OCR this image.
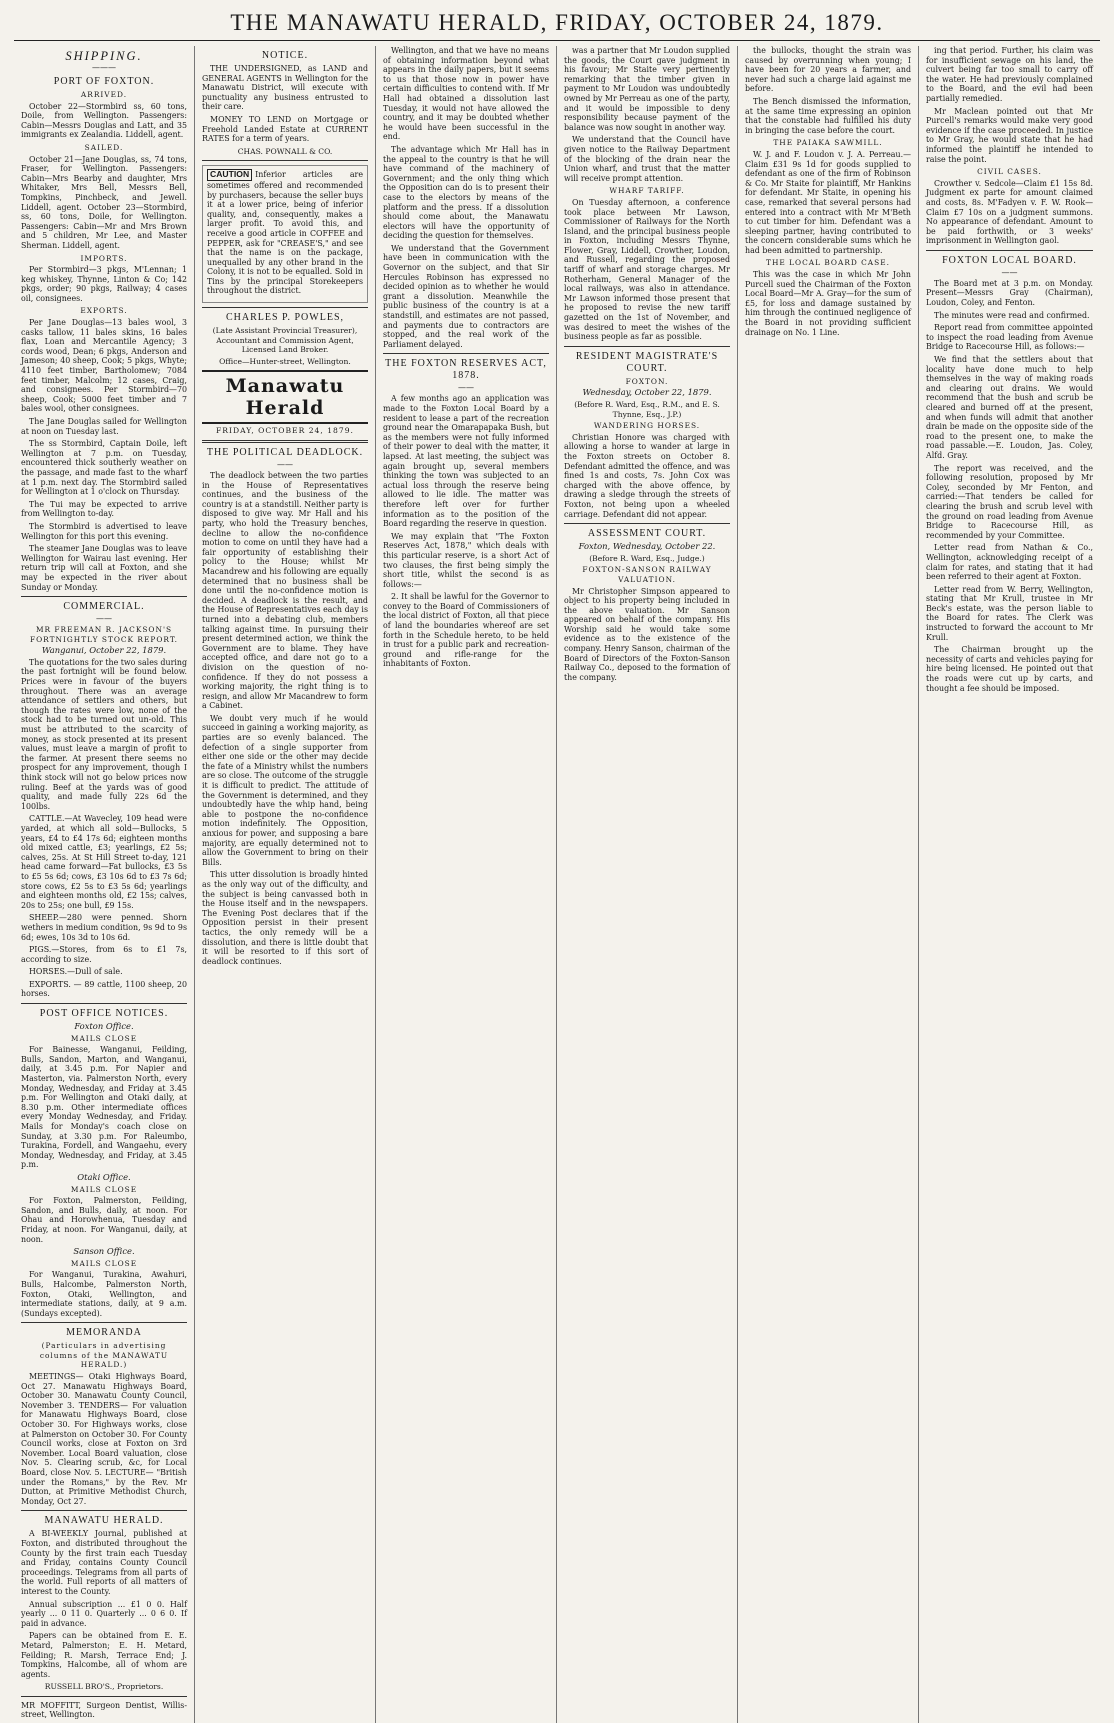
THE MANAWATU HERALD, FRIDAY, OCTOBER 24, 1879.
SHIPPING.
———
PORT OF FOXTON.
ARRIVED.

October 22—Stormbird ss, 60 tons, Doile, from Wellington. Passengers: Cabin—Messrs Douglas and Latt, and 35 immigrants ex Zealandia. Liddell, agent.

SAILED.

October 21—Jane Douglas, ss, 74 tons, Fraser, for Wellington. Passengers: Cabin—Mrs Bearby and daughter, Mrs Whitaker, Mrs Bell, Messrs Bell, Tompkins, Pinchbeck, and Jewell. Liddell, agent. October 23—Stormbird, ss, 60 tons, Doile, for Wellington. Passengers: Cabin—Mr and Mrs Brown and 5 children, Mr Lee, and Master Sherman. Liddell, agent.

IMPORTS.

Per Stormbird—3 pkgs, M'Lennan; 1 keg whiskey, Thynne, Linton & Co; 142 pkgs, order; 90 pkgs, Railway; 4 cases oil, consignees.

EXPORTS.

Per Jane Douglas—13 bales wool, 3 casks tallow, 11 bales skins, 16 bales flax, Loan and Mercantile Agency; 3 cords wood, Dean; 6 pkgs, Anderson and Jameson; 40 sheep, Cook; 5 pkgs, Whyte; 4110 feet timber, Bartholomew; 7084 feet timber, Malcolm; 12 cases, Craig, and consignees. Per Stormbird—70 sheep, Cook; 5000 feet timber and 7 bales wool, other consignees.

The Jane Douglas sailed for Wellington at noon on Tuesday last.

The ss Stormbird, Captain Doile, left Wellington at 7 p.m. on Tuesday, encountered thick southerly weather on the passage, and made fast to the wharf at 1 p.m. next day. The Stormbird sailed for Wellington at 1 o'clock on Thursday.

The Tui may be expected to arrive from Wellington to-day.

The Stormbird is advertised to leave Wellington for this port this evening.

The steamer Jane Douglas was to leave Wellington for Wairau last evening. Her return trip will call at Foxton, and she may be expected in the river about Sunday or Monday.

COMMERCIAL.
——
MR FREEMAN R. JACKSON'S FORTNIGHTLY STOCK REPORT.
Wanganui, October 22, 1879.

The quotations for the two sales during the past fortnight will be found below. Prices were in favour of the buyers throughout. There was an average attendance of settlers and others, but though the rates were low, none of the stock had to be turned out un-old. This must be attributed to the scarcity of money, as stock presented at its present values, must leave a margin of profit to the farmer. At present there seems no prospect for any improvement, though I think stock will not go below prices now ruling. Beef at the yards was of good quality, and made fully 22s 6d the 100lbs.

CATTLE.—At Wavecley, 109 head were yarded, at which all sold—Bullocks, 5 years, £4 to £4 17s 6d; eighteen months old mixed cattle, £3; yearlings, £2 5s; calves, 25s. At St Hill Street to-day, 121 head came forward—Fat bullocks, £3 5s to £5 5s 6d; cows, £3 10s 6d to £3 7s 6d; store cows, £2 5s to £3 5s 6d; yearlings and eighteen months old, £2 15s; calves, 20s to 25s; one bull, £9 15s.

SHEEP.—280 were penned. Shorn wethers in medium condition, 9s 9d to 9s 6d; ewes, 10s 3d to 10s 6d.

PIGS.—Stores, from 6s to £1 7s, according to size.

HORSES.—Dull of sale.

EXPORTS. — 89 cattle, 1100 sheep, 20 horses.

POST OFFICE NOTICES.
Foxton Office.
MAILS CLOSE

For Bainesse, Wanganui, Feilding, Bulls, Sandon, Marton, and Wanganui, daily, at 3.45 p.m. For Napier and Masterton, via. Palmerston North, every Monday, Wednesday, and Friday at 3.45 p.m. For Wellington and Otaki daily, at 8.30 p.m. Other intermediate offices every Monday Wednesday, and Friday. Mails for Monday's coach close on Sunday, at 3.30 p.m. For Raleumbo, Turakina, Fordell, and Wangaehu, every Monday, Wednesday, and Friday, at 3.45 p.m.

Otaki Office.
MAILS CLOSE

For Foxton, Palmerston, Feilding, Sandon, and Bulls, daily, at noon. For Ohau and Horowhenua, Tuesday and Friday, at noon. For Wanganui, daily, at noon.

Sanson Office.
MAILS CLOSE

For Wanganui, Turakina, Awahuri, Bulls, Halcombe, Palmerston North, Foxton, Otaki, Wellington, and intermediate stations, daily, at 9 a.m. (Sundays excepted).

MEMORANDA
(Particulars in advertising columns of the MANAWATU HERALD.)

MEETINGS— Otaki Highways Board, Oct 27. Manawatu Highways Board, October 30. Manawatu County Council, November 3. TENDERS— For valuation for Manawatu Highways Board, close October 30. For Highways works, close at Palmerston on October 30. For County Council works, close at Foxton on 3rd November. Local Board valuation, close Nov. 5. Clearing scrub, &c, for Local Board, close Nov. 5. LECTURE— "British under the Romans," by the Rev. Mr Dutton, at Primitive Methodist Church, Monday, Oct 27.

MANAWATU HERALD.

A BI-WEEKLY Journal, published at Foxton, and distributed throughout the County by the first train each Tuesday and Friday, contains County Council proceedings. Telegrams from all parts of the world. Full reports of all matters of interest to the County.

Annual subscription ... £1 0 0. Half yearly ... 0 11 0. Quarterly ... 0 6 0. If paid in advance.

Papers can be obtained from E. E. Metard, Palmerston; E. H. Metard, Feilding; R. Marsh, Terrace End; J. Tompkins, Halcombe, all of whom are agents.

RUSSELL BRO'S., Proprietors.

MR MOFFITT, Surgeon Dentist, Willis-street, Wellington.

NOTICE.

THE UNDERSIGNED, as LAND and GENERAL AGENTS in Wellington for the Manawatu District, will execute with punctuality any business entrusted to their care.

MONEY TO LEND on Mortgage or Freehold Landed Estate at CURRENT RATES for a term of years.

CHAS. POWNALL & CO.

CAUTION Inferior articles are sometimes offered and recommended by purchasers, because the seller buys it at a lower price, being of inferior quality, and, consequently, makes a larger profit. To avoid this, and receive a good article in COFFEE and PEPPER, ask for "CREASE'S," and see that the name is on the package, unequalled by any other brand in the Colony, it is not to be equalled. Sold in Tins by the principal Storekeepers throughout the district.

CHARLES P. POWLES,
(Late Assistant Provincial Treasurer), Accountant and Commission Agent, Licensed Land Broker.
Office—Hunter-street, Wellington.
Manawatu Herald
FRIDAY, OCTOBER 24, 1879.
THE POLITICAL DEADLOCK.
——

The deadlock between the two parties in the House of Representatives continues, and the business of the country is at a standstill. Neither party is disposed to give way. Mr Hall and his party, who hold the Treasury benches, decline to allow the no-confidence motion to come on until they have had a fair opportunity of establishing their policy to the House; whilst Mr Macandrew and his following are equally determined that no business shall be done until the no-confidence motion is decided. A deadlock is the result, and the House of Representatives each day is turned into a debating club, members talking against time. In pursuing their present determined action, we think the Government are to blame. They have accepted office, and dare not go to a division on the question of no-confidence. If they do not possess a working majority, the right thing is to resign, and allow Mr Macandrew to form a Cabinet.

We doubt very much if he would succeed in gaining a working majority, as parties are so evenly balanced. The defection of a single supporter from either one side or the other may decide the fate of a Ministry whilst the numbers are so close. The outcome of the struggle it is difficult to predict. The attitude of the Government is determined, and they undoubtedly have the whip hand, being able to postpone the no-confidence motion indefinitely. The Opposition, anxious for power, and supposing a bare majority, are equally determined not to allow the Government to bring on their Bills.

This utter dissolution is broadly hinted as the only way out of the difficulty, and the subject is being canvassed both in the House itself and in the newspapers. The Evening Post declares that if the Opposition persist in their present tactics, the only remedy will be a dissolution, and there is little doubt that it will be resorted to if this sort of deadlock continues.

Wellington, and that we have no means of obtaining information beyond what appears in the daily papers, but it seems to us that those now in power have certain difficulties to contend with. If Mr Hall had obtained a dissolution last Tuesday, it would not have allowed the country, and it may be doubted whether he would have been successful in the end.

The advantage which Mr Hall has in the appeal to the country is that he will have command of the machinery of Government; and the only thing which the Opposition can do is to present their case to the electors by means of the platform and the press. If a dissolution should come about, the Manawatu electors will have the opportunity of deciding the question for themselves.

We understand that the Government have been in communication with the Governor on the subject, and that Sir Hercules Robinson has expressed no decided opinion as to whether he would grant a dissolution. Meanwhile the public business of the country is at a standstill, and estimates are not passed, and payments due to contractors are stopped, and the real work of the Parliament delayed.

THE FOXTON RESERVES ACT, 1878.
——

A few months ago an application was made to the Foxton Local Board by a resident to lease a part of the recreation ground near the Omarapapaka Bush, but as the members were not fully informed of their power to deal with the matter, it lapsed. At last meeting, the subject was again brought up, several members thinking the town was subjected to an actual loss through the reserve being allowed to lie idle. The matter was therefore left over for further information as to the position of the Board regarding the reserve in question.

We may explain that "The Foxton Reserves Act, 1878," which deals with this particular reserve, is a short Act of two clauses, the first being simply the short title, whilst the second is as follows:—

2. It shall be lawful for the Governor to convey to the Board of Commissioners of the local district of Foxton, all that piece of land the boundaries whereof are set forth in the Schedule hereto, to be held in trust for a public park and recreation-ground and rifle-range for the inhabitants of Foxton.

was a partner that Mr Loudon supplied the goods, the Court gave judgment in his favour; Mr Staite very pertinently remarking that the timber given in payment to Mr Loudon was undoubtedly owned by Mr Perreau as one of the party, and it would be impossible to deny responsibility because payment of the balance was now sought in another way.

We understand that the Council have given notice to the Railway Department of the blocking of the drain near the Union wharf, and trust that the matter will receive prompt attention.

WHARF TARIFF.

On Tuesday afternoon, a conference took place between Mr Lawson, Commissioner of Railways for the North Island, and the principal business people in Foxton, including Messrs Thynne, Flower, Gray, Liddell, Crowther, Loudon, and Russell, regarding the proposed tariff of wharf and storage charges. Mr Rotherham, General Manager of the local railways, was also in attendance. Mr Lawson informed those present that he proposed to revise the new tariff gazetted on the 1st of November, and was desired to meet the wishes of the business people as far as possible.

RESIDENT MAGISTRATE'S COURT.
FOXTON.
Wednesday, October 22, 1879.
(Before R. Ward, Esq., R.M., and E. S. Thynne, Esq., J.P.)
WANDERING HORSES.

Christian Honore was charged with allowing a horse to wander at large in the Foxton streets on October 8. Defendant admitted the offence, and was fined 1s and costs, 7s. John Cox was charged with the above offence, by drawing a sledge through the streets of Foxton, not being upon a wheeled carriage. Defendant did not appear.

ASSESSMENT COURT.
Foxton, Wednesday, October 22.
(Before R. Ward, Esq., Judge.)
FOXTON-SANSON RAILWAY VALUATION.

Mr Christopher Simpson appeared to object to his property being included in the above valuation. Mr Sanson appeared on behalf of the company. His Worship said he would take some evidence as to the existence of the company. Henry Sanson, chairman of the Board of Directors of the Foxton-Sanson Railway Co., deposed to the formation of the company.

the bullocks, thought the strain was caused by overrunning when young; I have been for 20 years a farmer, and never had such a charge laid against me before.

The Bench dismissed the information, at the same time expressing an opinion that the constable had fulfilled his duty in bringing the case before the court.

THE PAIAKA SAWMILL.

W. J. and F. Loudon v. J. A. Perreau.—Claim £31 9s 1d for goods supplied to defendant as one of the firm of Robinson & Co. Mr Staite for plaintiff, Mr Hankins for defendant. Mr Staite, in opening his case, remarked that several persons had entered into a contract with Mr M'Beth to cut timber for him. Defendant was a sleeping partner, having contributed to the concern considerable sums which he had been admitted to partnership.

THE LOCAL BOARD CASE.

This was the case in which Mr John Purcell sued the Chairman of the Foxton Local Board—Mr A. Gray—for the sum of £5, for loss and damage sustained by him through the continued negligence of the Board in not providing sufficient drainage on No. 1 Line.

ing that period. Further, his claim was for insufficient sewage on his land, the culvert being far too small to carry off the water. He had previously complained to the Board, and the evil had been partially remedied.

Mr Maclean pointed out that Mr Purcell's remarks would make very good evidence if the case proceeded. In justice to Mr Gray, he would state that he had informed the plaintiff he intended to raise the point.

CIVIL CASES.

Crowther v. Sedcole—Claim £1 15s 8d. Judgment ex parte for amount claimed and costs, 8s. M'Fadyen v. F. W. Rook—Claim £7 10s on a judgment summons. No appearance of defendant. Amount to be paid forthwith, or 3 weeks' imprisonment in Wellington gaol.

FOXTON LOCAL BOARD.
——

The Board met at 3 p.m. on Monday. Present—Messrs Gray (Chairman), Loudon, Coley, and Fenton.

The minutes were read and confirmed.

Report read from committee appointed to inspect the road leading from Avenue Bridge to Racecourse Hill, as follows:—

We find that the settlers about that locality have done much to help themselves in the way of making roads and clearing out drains. We would recommend that the bush and scrub be cleared and burned off at the present, and when funds will admit that another drain be made on the opposite side of the road to the present one, to make the road passable.—E. Loudon, Jas. Coley, Alfd. Gray.

The report was received, and the following resolution, proposed by Mr Coley, seconded by Mr Fenton, and carried:—That tenders be called for clearing the brush and scrub level with the ground on road leading from Avenue Bridge to Racecourse Hill, as recommended by your Committee.

Letter read from Nathan & Co., Wellington, acknowledging receipt of a claim for rates, and stating that it had been referred to their agent at Foxton.

Letter read from W. Berry, Wellington, stating that Mr Krull, trustee in Mr Beck's estate, was the person liable to the Board for rates. The Clerk was instructed to forward the account to Mr Krull.

The Chairman brought up the necessity of carts and vehicles paying for hire being licensed. He pointed out that the roads were cut up by carts, and thought a fee should be imposed.
